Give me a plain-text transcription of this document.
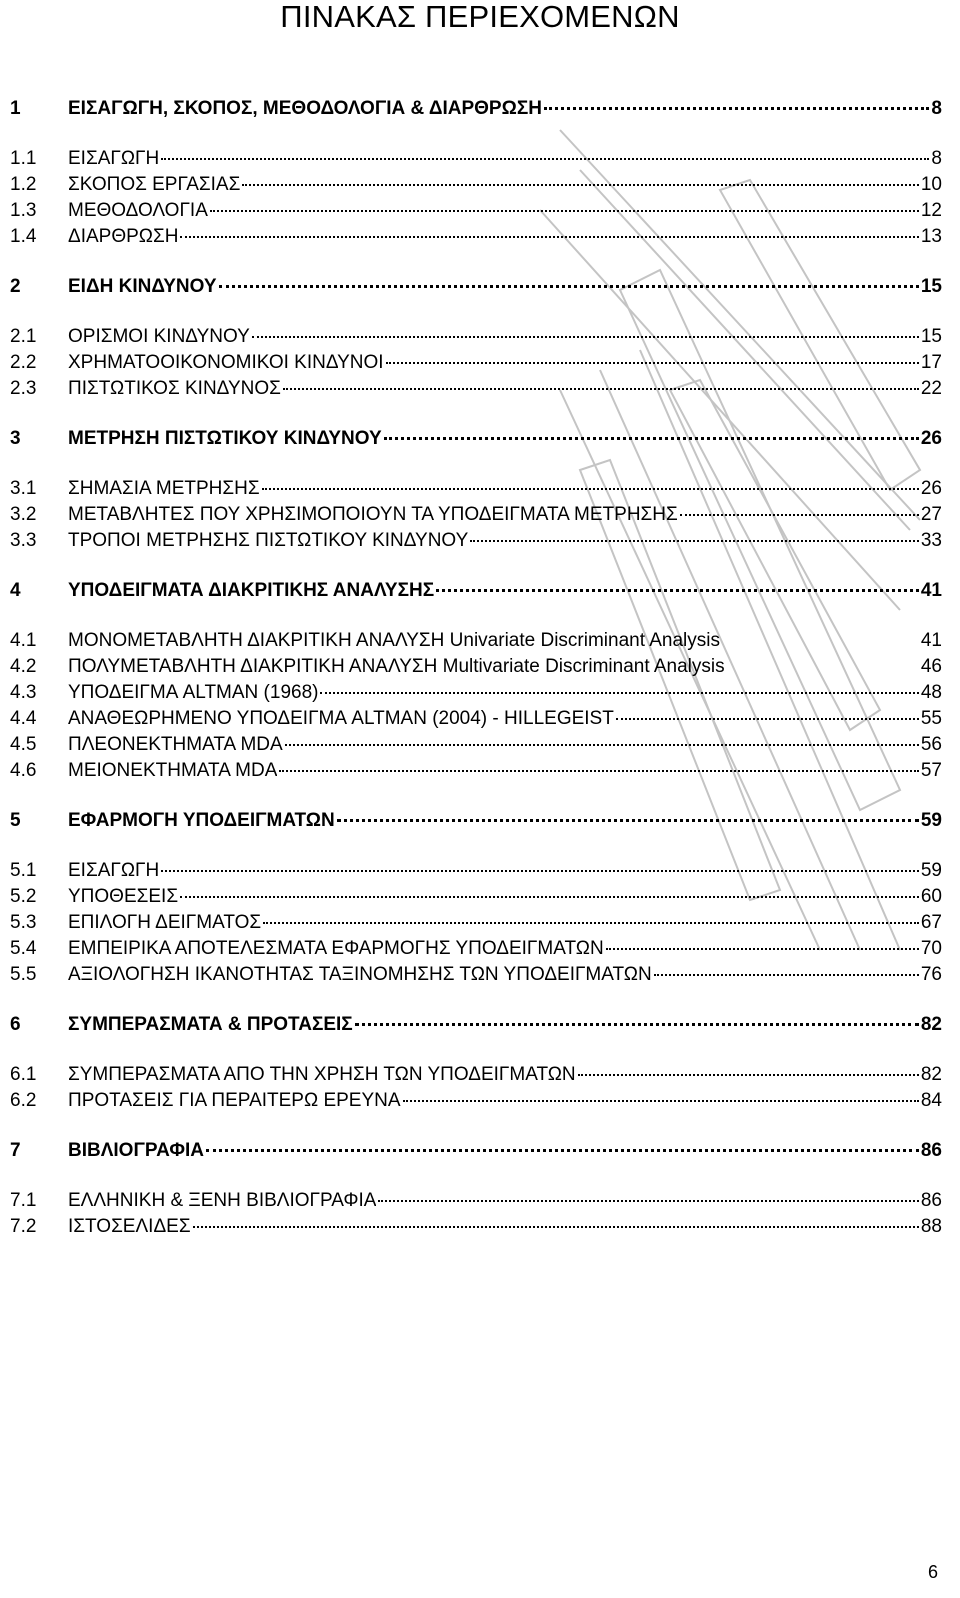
ΠΙΝΑΚΑΣ ΠΕΡΙΕΧΟΜΕΝΩΝ
1	ΕΙΣΑΓΩΓΗ, ΣΚΟΠΟΣ, ΜΕΘΟΔΟΛΟΓΙΑ & ΔΙΑΡΘΡΩΣΗ	8
1.1	ΕΙΣΑΓΩΓΗ	8
1.2	ΣΚΟΠΟΣ ΕΡΓΑΣΙΑΣ	10
1.3	ΜΕΘΟΔΟΛΟΓΙΑ	12
1.4	ΔΙΑΡΘΡΩΣΗ	13
2	ΕΙΔΗ ΚΙΝΔΥΝΟΥ	15
2.1	ΟΡΙΣΜΟΙ ΚΙΝΔΥΝΟΥ	15
2.2	ΧΡΗΜΑΤΟΟΙΚΟΝΟΜΙΚΟΙ ΚΙΝΔΥΝΟΙ	17
2.3	ΠΙΣΤΩΤΙΚΟΣ ΚΙΝΔΥΝΟΣ	22
3	ΜΕΤΡΗΣΗ ΠΙΣΤΩΤΙΚΟΥ ΚΙΝΔΥΝΟΥ	26
3.1	ΣΗΜΑΣΙΑ ΜΕΤΡΗΣΗΣ	26
3.2	ΜΕΤΑΒΛΗΤΕΣ ΠΟΥ ΧΡΗΣΙΜΟΠΟΙΟΥΝ ΤΑ ΥΠΟΔΕΙΓΜΑΤΑ ΜΕΤΡΗΣΗΣ	27
3.3	ΤΡΟΠΟΙ ΜΕΤΡΗΣΗΣ ΠΙΣΤΩΤΙΚΟΥ ΚΙΝΔΥΝΟΥ	33
4	ΥΠΟΔΕΙΓΜΑΤΑ ΔΙΑΚΡΙΤΙΚΗΣ ΑΝΑΛΥΣΗΣ	41
4.1	ΜΟΝΟΜΕΤΑΒΛΗΤΗ ΔΙΑΚΡΙΤΙΚΗ ΑΝΑΛΥΣΗ Univariate Discriminant Analysis	41
4.2	ΠΟΛΥΜΕΤΑΒΛΗΤΗ ΔΙΑΚΡΙΤΙΚΗ ΑΝΑΛΥΣΗ Multivariate Discriminant Analysis	46
4.3	ΥΠΟΔΕΙΓΜΑ ALTMAN (1968)	48
4.4	ΑΝΑΘΕΩΡΗΜΕΝΟ ΥΠΟΔΕΙΓΜΑ ALTMAN (2004) - HILLEGEIST	55
4.5	ΠΛΕΟΝΕΚΤΗΜΑΤΑ MDA	56
4.6	ΜΕΙΟΝΕΚΤΗΜΑΤΑ MDA	57
5	ΕΦΑΡΜΟΓΗ ΥΠΟΔΕΙΓΜΑΤΩΝ	59
5.1	ΕΙΣΑΓΩΓΗ	59
5.2	ΥΠΟΘΕΣΕΙΣ	60
5.3	ΕΠΙΛΟΓΗ ΔΕΙΓΜΑΤΟΣ	67
5.4	ΕΜΠΕΙΡΙΚΑ ΑΠΟΤΕΛΕΣΜΑΤΑ ΕΦΑΡΜΟΓΗΣ ΥΠΟΔΕΙΓΜΑΤΩΝ	70
5.5	ΑΞΙΟΛΟΓΗΣΗ ΙΚΑΝΟΤΗΤΑΣ ΤΑΞΙΝΟΜΗΣΗΣ ΤΩΝ ΥΠΟΔΕΙΓΜΑΤΩΝ	76
6	ΣΥΜΠΕΡΑΣΜΑΤΑ & ΠΡΟΤΑΣΕΙΣ	82
6.1	ΣΥΜΠΕΡΑΣΜΑΤΑ ΑΠΟ ΤΗΝ ΧΡΗΣΗ ΤΩΝ ΥΠΟΔΕΙΓΜΑΤΩΝ	82
6.2	ΠΡΟΤΑΣΕΙΣ ΓΙΑ ΠΕΡΑΙΤΕΡΩ ΕΡΕΥΝΑ	84
7	ΒΙΒΛΙΟΓΡΑΦΙΑ	86
7.1	ΕΛΛΗΝΙΚΗ & ΞΕΝΗ ΒΙΒΛΙΟΓΡΑΦΙΑ	86
7.2	ΙΣΤΟΣΕΛΙΔΕΣ	88
6
